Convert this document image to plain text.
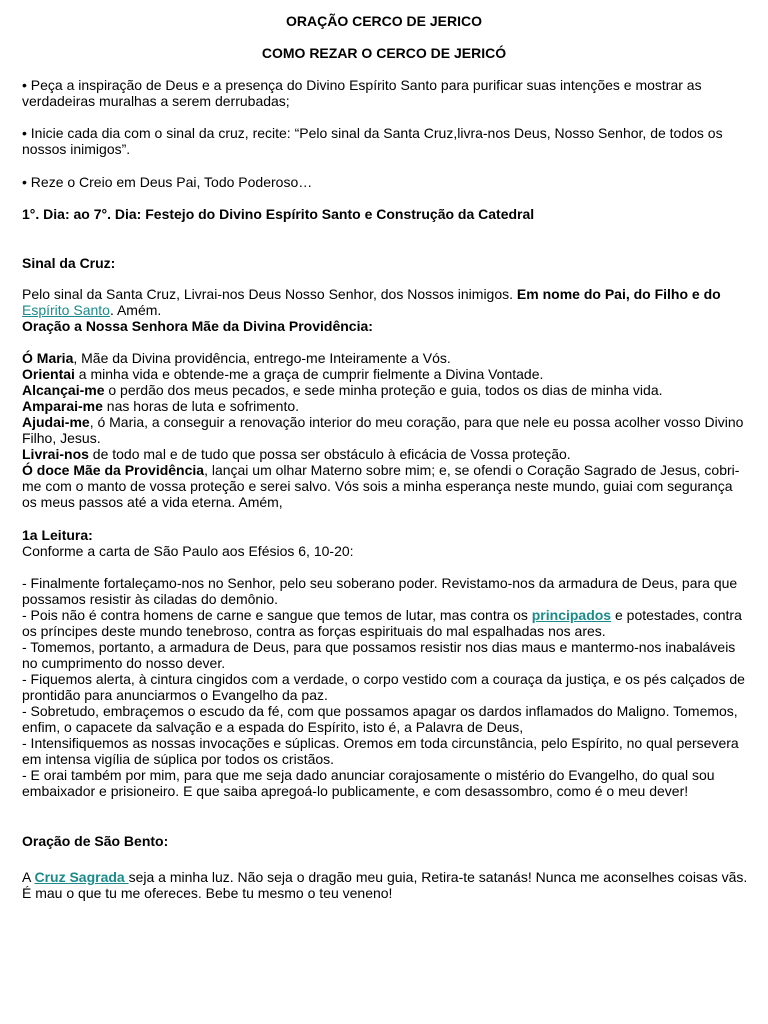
ORAÇÃO CERCO DE JERICO
COMO REZAR O CERCO DE JERICÓ

• Peça a inspiração de Deus e a presença do Divino Espírito Santo para purificar suas intenções e mostrar as verdadeiras muralhas a serem derrubadas;

• Inicie cada dia com o sinal da cruz, recite: “Pelo sinal da Santa Cruz,livra-nos Deus, Nosso Senhor, de todos os nossos inimigos”.

• Reze o Creio em Deus Pai, Todo Poderoso…

1°. Dia: ao 7°. Dia: Festejo do Divino Espírito Santo e Construção da Catedral

Sinal da Cruz:

Pelo sinal da Santa Cruz, Livrai-nos Deus Nosso Senhor, dos Nossos inimigos. Em nome do Pai, do Filho e do Espírito Santo. Amém.

Oração a Nossa Senhora Mãe da Divina Providência:

Ó Maria, Mãe da Divina providência, entrego-me Inteiramente a Vós.

Orientai a minha vida e obtende-me a graça de cumprir fielmente a Divina Vontade.

Alcançai-me o perdão dos meus pecados, e sede minha proteção e guia, todos os dias de minha vida.

Amparai-me nas horas de luta e sofrimento.

Ajudai-me, ó Maria, a conseguir a renovação interior do meu coração, para que nele eu possa acolher vosso Divino Filho, Jesus.

Livrai-nos de todo mal e de tudo que possa ser obstáculo à eficácia de Vossa proteção.

Ó doce Mãe da Providência, lançai um olhar Materno sobre mim; e, se ofendi o Coração Sagrado de Jesus, cobri-me com o manto de vossa proteção e serei salvo. Vós sois a minha esperança neste mundo, guiai com segurança os meus passos até a vida eterna. Amém,

1a Leitura:

Conforme a carta de São Paulo aos Efésios 6, 10-20:

- Finalmente fortaleçamo-nos no Senhor, pelo seu soberano poder. Revistamo-nos da armadura de Deus, para que possamos resistir às ciladas do demônio.

- Pois não é contra homens de carne e sangue que temos de lutar, mas contra os principados e potestades, contra os príncipes deste mundo tenebroso, contra as forças espirituais do mal espalhadas nos ares.

- Tomemos, portanto, a armadura de Deus, para que possamos resistir nos dias maus e mantermo-nos inabaláveis no cumprimento do nosso dever.

- Fiquemos alerta, à cintura cingidos com a verdade, o corpo vestido com a couraça da justiça, e os pés calçados de prontidão para anunciarmos o Evangelho da paz.

- Sobretudo, embraçemos o escudo da fé, com que possamos apagar os dardos inflamados do Maligno. Tomemos, enfim, o capacete da salvação e a espada do Espírito, isto é, a Palavra de Deus,

- Intensifiquemos as nossas invocações e súplicas. Oremos em toda circunstância, pelo Espírito, no qual persevera em intensa vigília de súplica por todos os cristãos.

- E orai também por mim, para que me seja dado anunciar corajosamente o mistério do Evangelho, do qual sou embaixador e prisioneiro. E que saiba apregoá-lo publicamente, e com desassombro, como é o meu dever!

Oração de São Bento:

A Cruz Sagrada seja a minha luz. Não seja o dragão meu guia, Retira-te satanás! Nunca me aconselhes coisas vãs. É mau o que tu me ofereces. Bebe tu mesmo o teu veneno!
